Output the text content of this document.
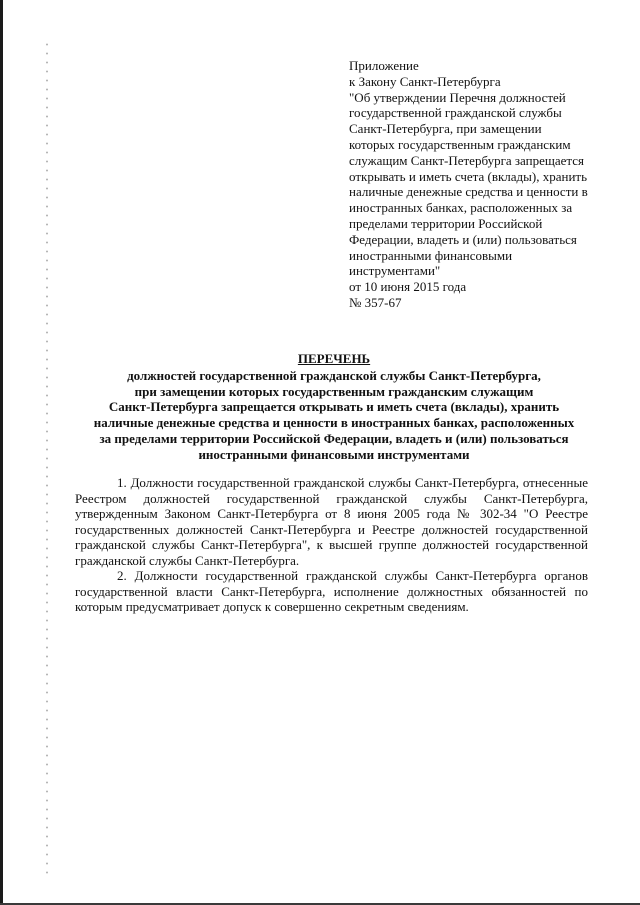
Приложение
к Закону Санкт-Петербурга
"Об утверждении Перечня должностей
государственной гражданской службы
Санкт-Петербурга, при замещении
которых государственным гражданским
служащим Санкт-Петербурга запрещается
открывать и иметь счета (вклады), хранить
наличные денежные средства и ценности в
иностранных банках, расположенных за
пределами территории Российской
Федерации, владеть и (или) пользоваться
иностранными финансовыми
инструментами"
от 10 июня 2015 года
№ 357-67
ПЕРЕЧЕНЬ
должностей государственной гражданской службы Санкт-Петербурга,
при замещении которых государственным гражданским служащим
Санкт-Петербурга запрещается открывать и иметь счета (вклады), хранить
наличные денежные средства и ценности в иностранных банках, расположенных
за пределами территории Российской Федерации, владеть и (или) пользоваться
иностранными финансовыми инструментами

1. Должности государственной гражданской службы Санкт-Петербурга, отнесенные Реестром должностей государственной гражданской службы Санкт-Петербурга, утвержденным Законом Санкт-Петербурга от 8 июня 2005 года № 302-34 "О Реестре государственных должностей Санкт-Петербурга и Реестре должностей государственной гражданской службы Санкт-Петербурга", к высшей группе должностей государственной гражданской службы Санкт-Петербурга.

2. Должности государственной гражданской службы Санкт-Петербурга органов государственной власти Санкт-Петербурга, исполнение должностных обязанностей по которым предусматривает допуск к совершенно секретным сведениям.
